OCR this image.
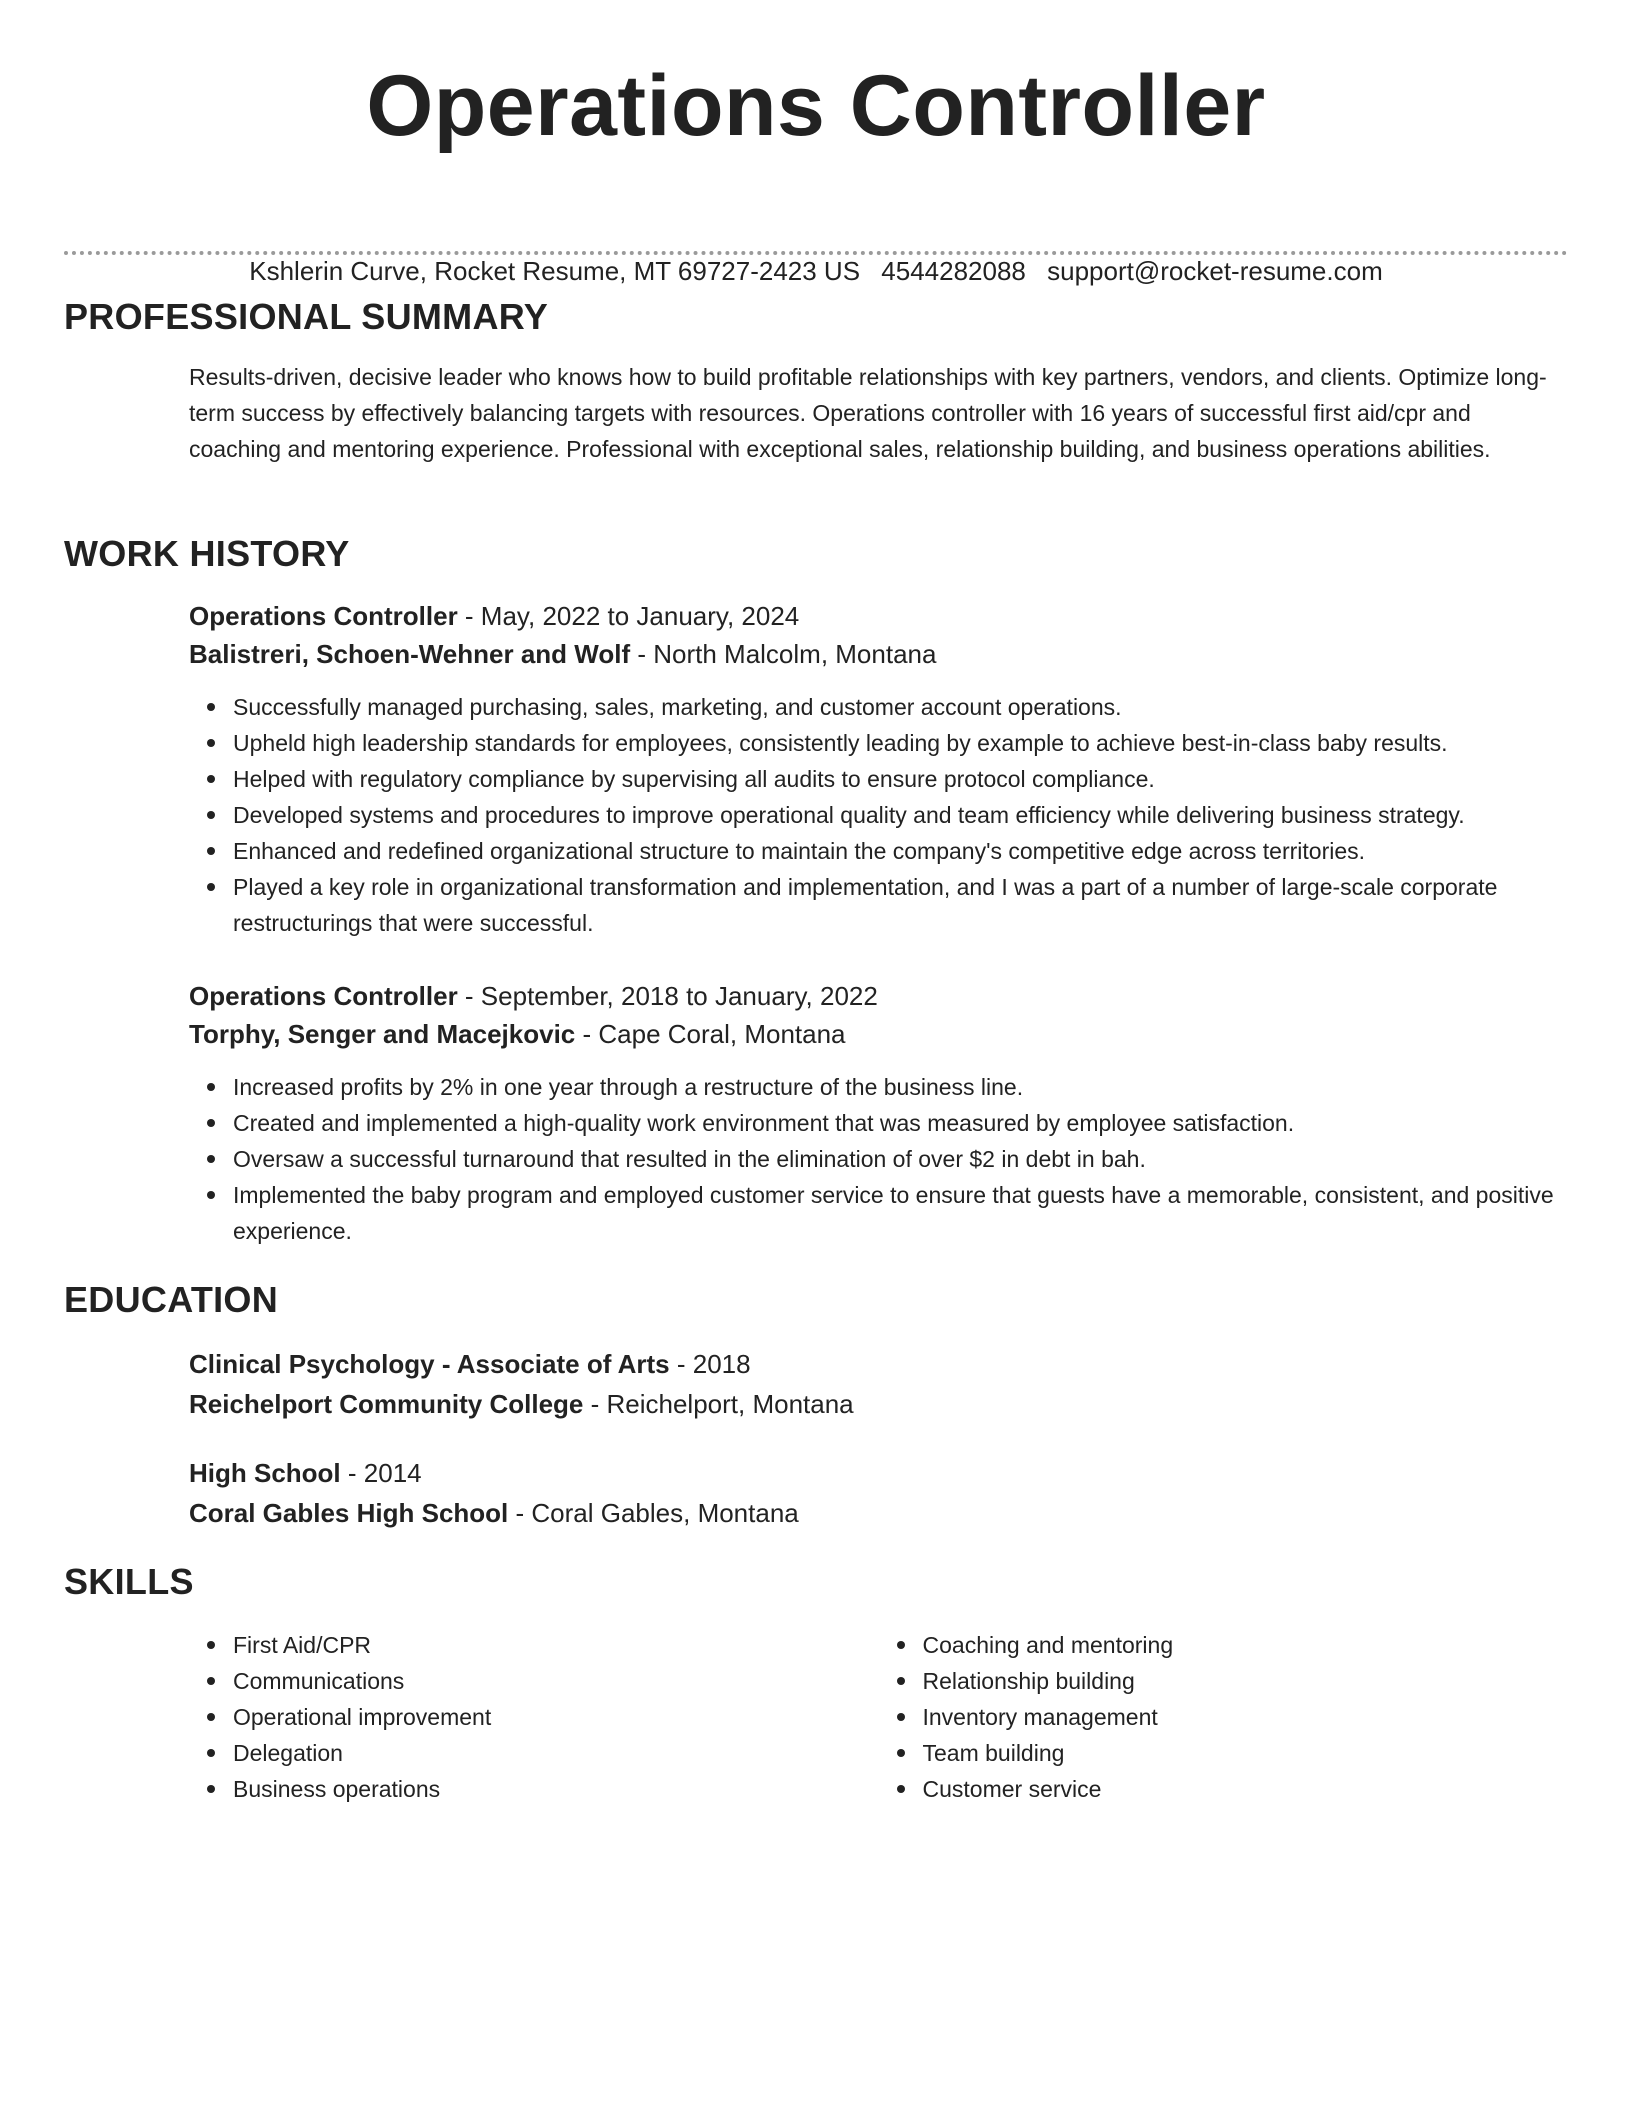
Operations Controller
Kshlerin Curve, Rocket Resume, MT 69727-2423 US 4544282088 support@rocket-resume.com
PROFESSIONAL SUMMARY

Results-driven, decisive leader who knows how to build profitable relationships with key partners, vendors, and clients. Optimize long-term success by effectively balancing targets with resources. Operations controller with 16 years of successful first aid/cpr and coaching and mentoring experience. Professional with exceptional sales, relationship building, and business operations abilities.

WORK HISTORY

Operations Controller - May, 2022 to January, 2024

Balistreri, Schoen-Wehner and Wolf - North Malcolm, Montana

Successfully managed purchasing, sales, marketing, and customer account operations.
Upheld high leadership standards for employees, consistently leading by example to achieve best-in-class baby results.
Helped with regulatory compliance by supervising all audits to ensure protocol compliance.
Developed systems and procedures to improve operational quality and team efficiency while delivering business strategy.
Enhanced and redefined organizational structure to maintain the company's competitive edge across territories.
Played a key role in organizational transformation and implementation, and I was a part of a number of large-scale corporate restructurings that were successful.

Operations Controller - September, 2018 to January, 2022

Torphy, Senger and Macejkovic - Cape Coral, Montana

Increased profits by 2% in one year through a restructure of the business line.
Created and implemented a high-quality work environment that was measured by employee satisfaction.
Oversaw a successful turnaround that resulted in the elimination of over $2 in debt in bah.
Implemented the baby program and employed customer service to ensure that guests have a memorable, consistent, and positive experience.
EDUCATION

Clinical Psychology - Associate of Arts - 2018

Reichelport Community College - Reichelport, Montana

High School - 2014

Coral Gables High School - Coral Gables, Montana

SKILLS
First Aid/CPR
Communications
Operational improvement
Delegation
Business operations
Coaching and mentoring
Relationship building
Inventory management
Team building
Customer service
